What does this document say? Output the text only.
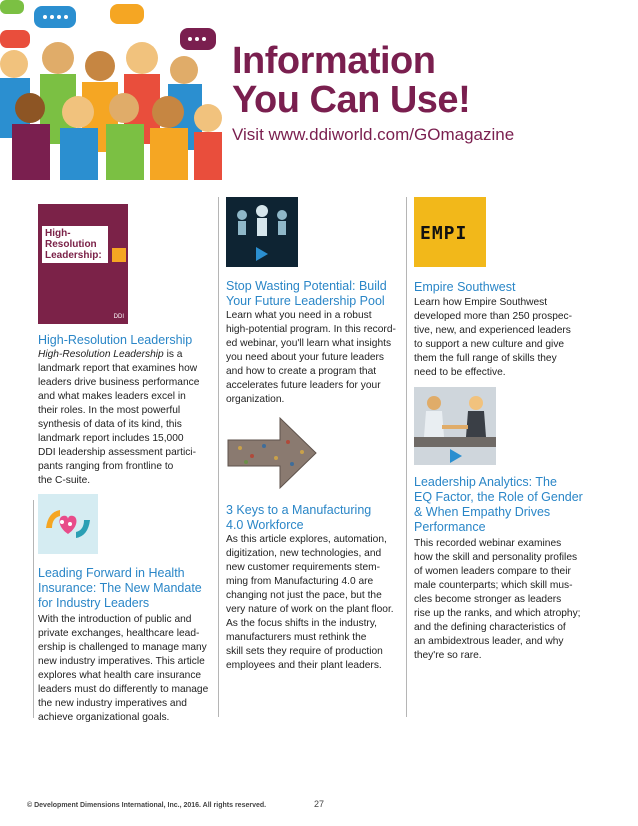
Information
You Can Use!
Visit www.ddiworld.com/GOmagazine
High-Resolution Leadership:
DDI
High-Resolution Leadership
High-Resolution Leadership is a
landmark report that examines how
leaders drive business performance
and what makes leaders excel in
their roles. In the most powerful
synthesis of data of its kind, this
landmark report includes 15,000
DDI leadership assessment partici-
pants ranging from frontline to
the C-suite.
Leading Forward in Health
Insurance: The New Mandate
for Industry Leaders
With the introduction of public and
private exchanges, healthcare lead-
ership is challenged to manage many
new industry imperatives. This article
explores what health care insurance
leaders must do differently to manage
the new industry imperatives and
achieve organizational goals.
Stop Wasting Potential: Build
Your Future Leadership Pool
Learn what you need in a robust
high-potential program. In this record-
ed webinar, you'll learn what insights
you need about your future leaders
and how to create a program that
accelerates future leaders for your
organization.
3 Keys to a Manufacturing
4.0 Workforce
As this article explores, automation,
digitization, new technologies, and
new customer requirements stem-
ming from Manufacturing 4.0 are
changing not just the pace, but the
very nature of work on the plant floor.
As the focus shifts in the industry,
manufacturers must rethink the
skill sets they require of production
employees and their plant leaders.
EMPI
Empire Southwest
Learn how Empire Southwest
developed more than 250 prospec-
tive, new, and experienced leaders
to support a new culture and give
them the full range of skills they
need to be effective.
Leadership Analytics: The
EQ Factor, the Role of Gender
& When Empathy Drives
Performance
This recorded webinar examines
how the skill and personality profiles
of women leaders compare to their
male counterparts; which skill mus-
cles become stronger as leaders
rise up the ranks, and which atrophy;
and the defining characteristics of
an ambidextrous leader, and why
they're so rare.
© Development Dimensions International, Inc., 2016. All rights reserved.	27
